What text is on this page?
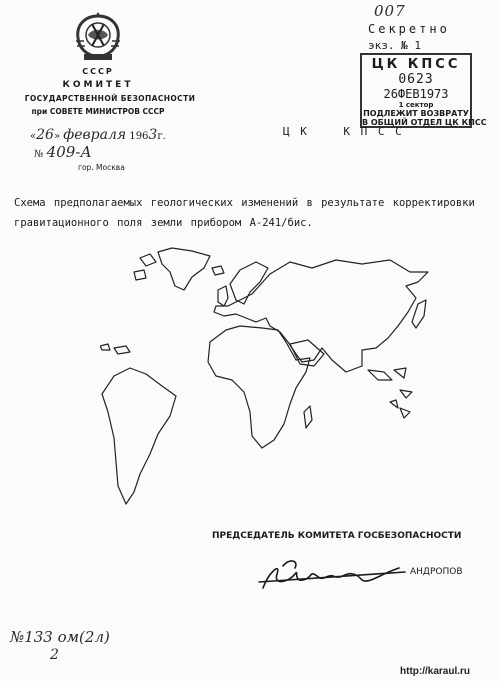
СССР
КОМИТЕТ
ГОСУДАРСТВЕННОЙ БЕЗОПАСНОСТИ
при СОВЕТЕ МИНИСТРОВ СССР
«26» февраля 1963г.
№ 409-А
гор. Москва
007
Секретно
экз. № 1
ЦК КПСС
0623
26ФЕВ1973
1 сектор
ПОДЛЕЖИТ ВОЗВРАТУ
В ОБЩИЙ ОТДЕЛ ЦК КПСС
Ц К    К П С С
Схема предполагаемых геологических изменений в результате корректировки гравитационного поля земли прибором А-241/бис.
ПРЕДСЕДАТЕЛЬ КОМИТЕТА ГОСБЕЗОПАСНОСТИ
АНДРОПОВ
№133 ом(2л)
2
http://karaul.ru
